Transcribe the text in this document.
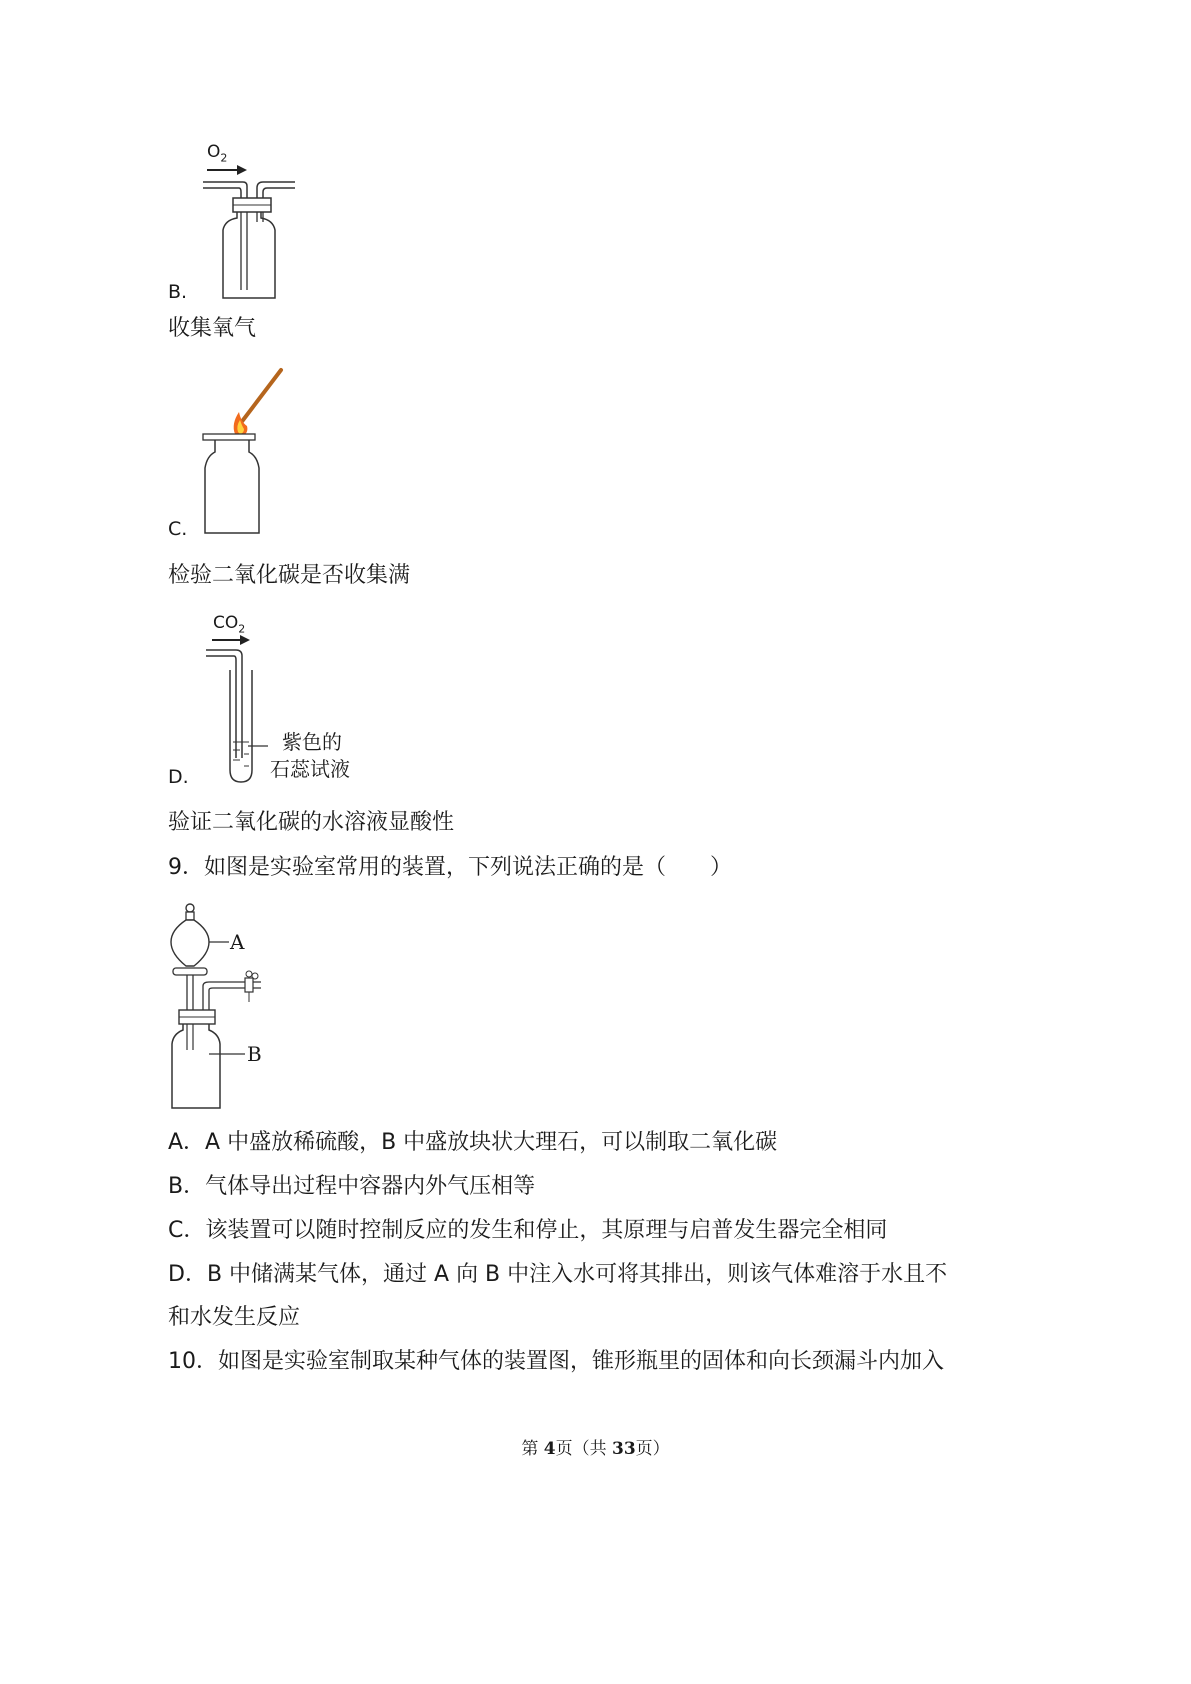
$O_2$
B.
收集氧气
C.
检验二氧化碳是否收集满
$CO_2$
紫色的
石蕊试液
D.
验证二氧化碳的水溶液显酸性
9．如图是实验室常用的装置，下列说法正确的是（　　）
A
B
A．A 中盛放稀硫酸，B 中盛放块状大理石，可以制取二氧化碳
B．气体导出过程中容器内外气压相等
C．该装置可以随时控制反应的发生和停止，其原理与启普发生器完全相同
D．B 中储满某气体，通过 A 向 B 中注入水可将其排出，则该气体难溶于水且不
和水发生反应
10．如图是实验室制取某种气体的装置图，锥形瓶里的固体和向长颈漏斗内加入
第 4页（共 33页）
